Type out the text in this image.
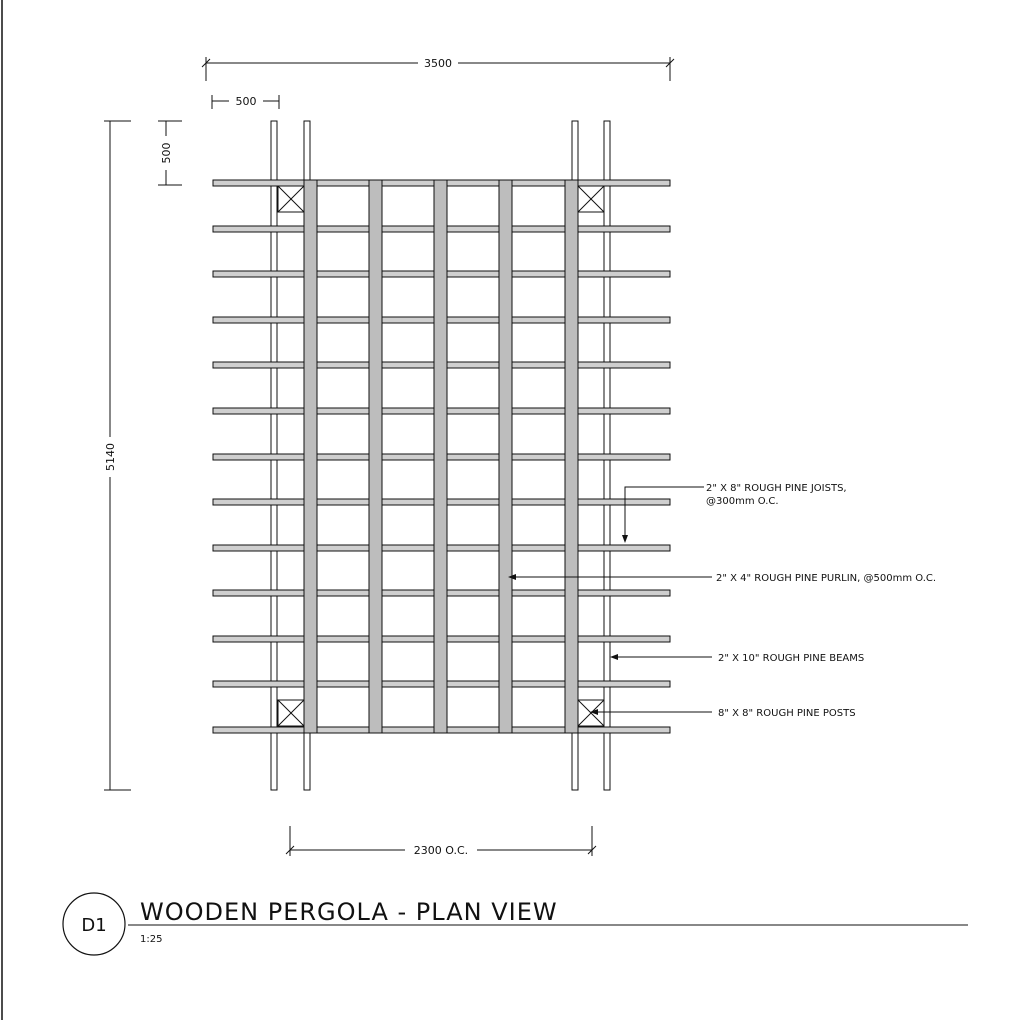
3500
500
500
5140
2300 O.C.
2" X 8" ROUGH PINE JOISTS,
@300mm O.C.
2" X 4" ROUGH PINE PURLIN, @500mm O.C.
2" X 10" ROUGH PINE BEAMS
8" X 8" ROUGH PINE POSTS
D1 WOODEN PERGOLA - PLAN VIEW
1:25
